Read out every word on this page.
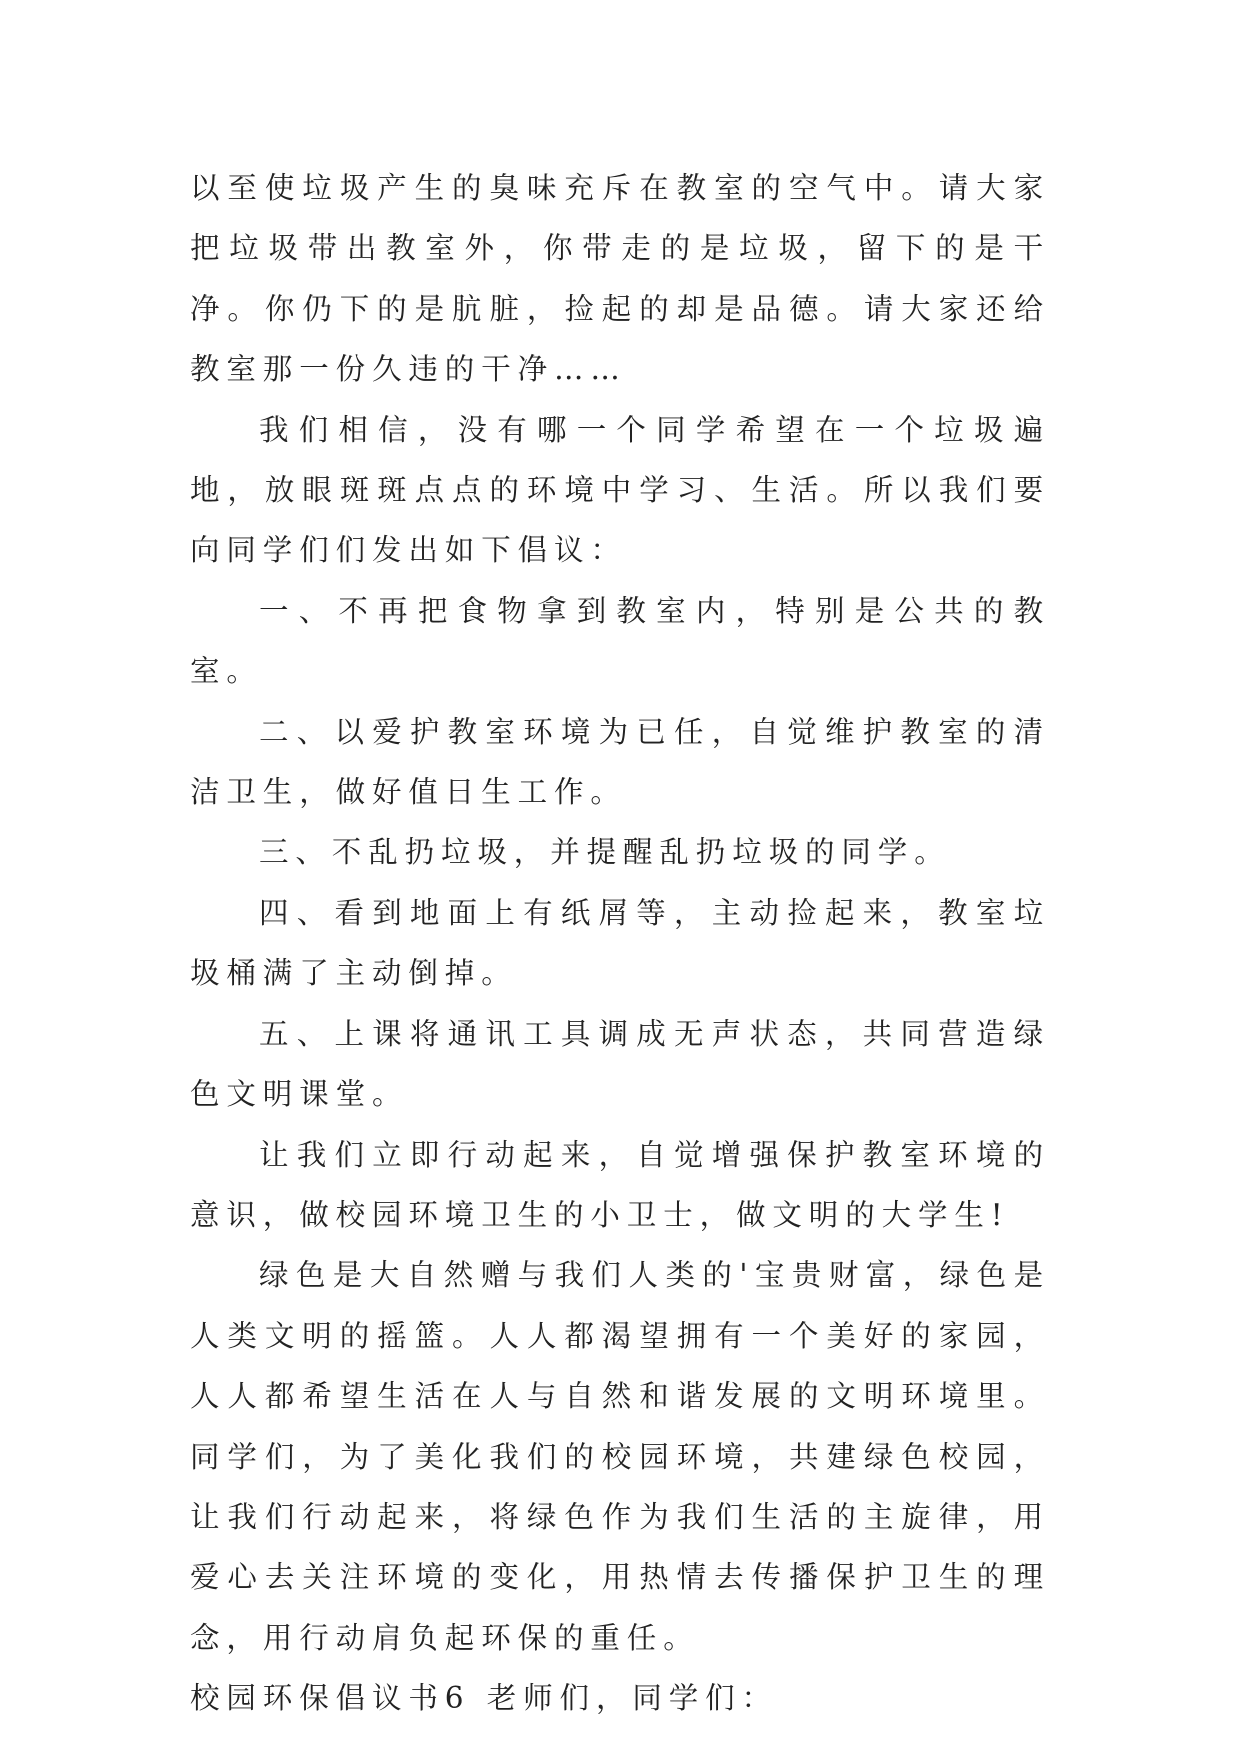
以至使垃圾产生的臭味充斥在教室的空气中。请大家把垃圾带出教室外，你带走的是垃圾，留下的是干净。你仍下的是肮脏，捡起的却是品德。请大家还给教室那一份久违的干净……

我们相信，没有哪一个同学希望在一个垃圾遍地，放眼斑斑点点的环境中学习、生活。所以我们要向同学们们发出如下倡议：

一、不再把食物拿到教室内，特别是公共的教室。

二、以爱护教室环境为已任，自觉维护教室的清洁卫生，做好值日生工作。

三、不乱扔垃圾，并提醒乱扔垃圾的同学。

四、看到地面上有纸屑等，主动捡起来，教室垃圾桶满了主动倒掉。

五、上课将通讯工具调成无声状态，共同营造绿色文明课堂。

让我们立即行动起来，自觉增强保护教室环境的意识，做校园环境卫生的小卫士，做文明的大学生!

绿色是大自然赠与我们人类的'宝贵财富，绿色是人类文明的摇篮。人人都渴望拥有一个美好的家园，人人都希望生活在人与自然和谐发展的文明环境里。同学们，为了美化我们的校园环境，共建绿色校园，让我们行动起来，将绿色作为我们生活的主旋律，用爱心去关注环境的变化，用热情去传播保护卫生的理念，用行动肩负起环保的重任。

校园环保倡议书6 老师们，同学们：
